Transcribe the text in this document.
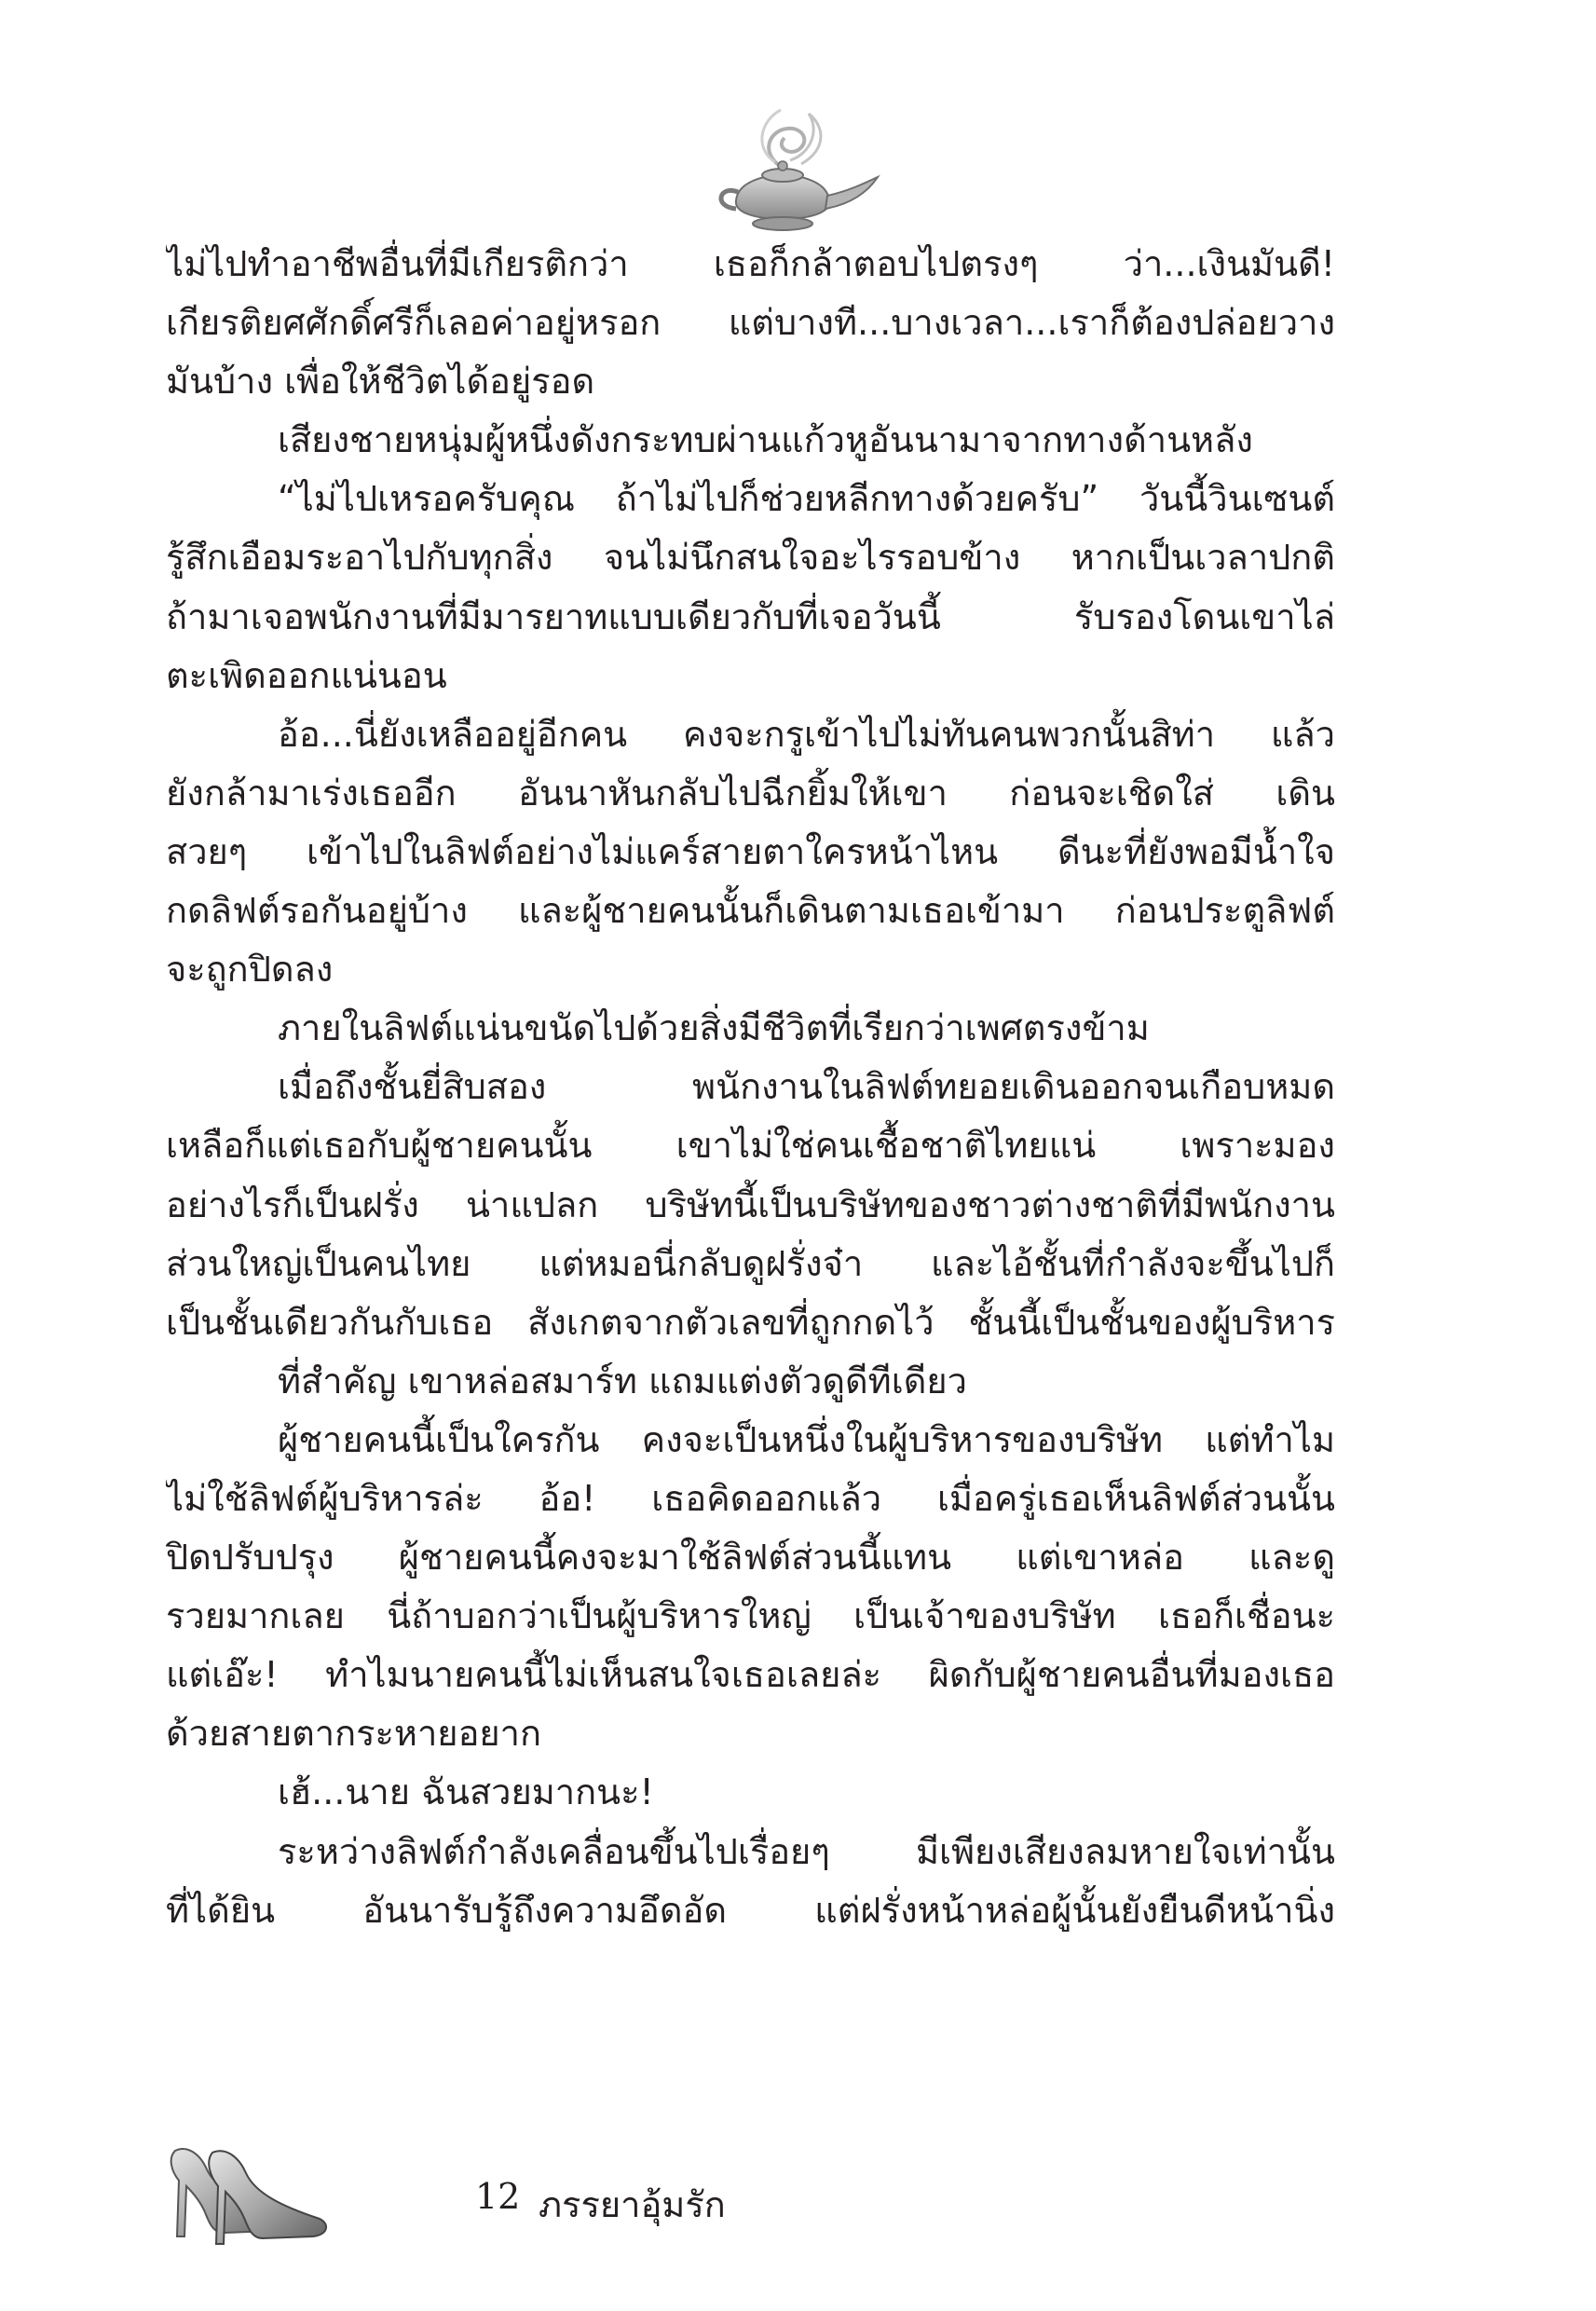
ไม่ไปทำอาชีพอื่นที่มีเกียรติกว่า เธอก็กล้าตอบไปตรงๆ ว่า...เงินมันดี!
เกียรติยศศักดิ์ศรีก็เลอค่าอยู่หรอก แต่บางที...บางเวลา...เราก็ต้องปล่อยวาง
มันบ้าง เพื่อให้ชีวิตได้อยู่รอด
เสียงชายหนุ่มผู้หนึ่งดังกระทบผ่านแก้วหูอันนามาจากทางด้านหลัง
“ไม่ไปเหรอครับคุณ ถ้าไม่ไปก็ช่วยหลีกทางด้วยครับ” วันนี้วินเซนต์
รู้สึกเอือมระอาไปกับทุกสิ่ง จนไม่นึกสนใจอะไรรอบข้าง หากเป็นเวลาปกติ
ถ้ามาเจอพนักงานที่มีมารยาทแบบเดียวกับที่เจอวันนี้ รับรองโดนเขาไล่
ตะเพิดออกแน่นอน
อ้อ...นี่ยังเหลืออยู่อีกคน คงจะกรูเข้าไปไม่ทันคนพวกนั้นสิท่า แล้ว
ยังกล้ามาเร่งเธออีก อันนาหันกลับไปฉีกยิ้มให้เขา ก่อนจะเชิดใส่ เดิน
สวยๆ เข้าไปในลิฟต์อย่างไม่แคร์สายตาใครหน้าไหน ดีนะที่ยังพอมีน้ำใจ
กดลิฟต์รอกันอยู่บ้าง และผู้ชายคนนั้นก็เดินตามเธอเข้ามา ก่อนประตูลิฟต์
จะถูกปิดลง
ภายในลิฟต์แน่นขนัดไปด้วยสิ่งมีชีวิตที่เรียกว่าเพศตรงข้าม
เมื่อถึงชั้นยี่สิบสอง พนักงานในลิฟต์ทยอยเดินออกจนเกือบหมด
เหลือก็แต่เธอกับผู้ชายคนนั้น เขาไม่ใช่คนเชื้อชาติไทยแน่ เพราะมอง
อย่างไรก็เป็นฝรั่ง น่าแปลก บริษัทนี้เป็นบริษัทของชาวต่างชาติที่มีพนักงาน
ส่วนใหญ่เป็นคนไทย แต่หมอนี่กลับดูฝรั่งจ๋า และไอ้ชั้นที่กำลังจะขึ้นไปก็
เป็นชั้นเดียวกันกับเธอ สังเกตจากตัวเลขที่ถูกกดไว้ ชั้นนี้เป็นชั้นของผู้บริหาร
ที่สำคัญ เขาหล่อสมาร์ท แถมแต่งตัวดูดีทีเดียว
ผู้ชายคนนี้เป็นใครกัน คงจะเป็นหนึ่งในผู้บริหารของบริษัท แต่ทำไม
ไม่ใช้ลิฟต์ผู้บริหารล่ะ อ้อ! เธอคิดออกแล้ว เมื่อครู่เธอเห็นลิฟต์ส่วนนั้น
ปิดปรับปรุง ผู้ชายคนนี้คงจะมาใช้ลิฟต์ส่วนนี้แทน แต่เขาหล่อ และดู
รวยมากเลย นี่ถ้าบอกว่าเป็นผู้บริหารใหญ่ เป็นเจ้าของบริษัท เธอก็เชื่อนะ
แต่เอ๊ะ! ทำไมนายคนนี้ไม่เห็นสนใจเธอเลยล่ะ ผิดกับผู้ชายคนอื่นที่มองเธอ
ด้วยสายตากระหายอยาก
เฮ้...นาย ฉันสวยมากนะ!
ระหว่างลิฟต์กำลังเคลื่อนขึ้นไปเรื่อยๆ มีเพียงเสียงลมหายใจเท่านั้น
ที่ได้ยิน อันนารับรู้ถึงความอึดอัด แต่ฝรั่งหน้าหล่อผู้นั้นยังยืนดีหน้านิ่ง
12 ภรรยาอุ้มรัก
